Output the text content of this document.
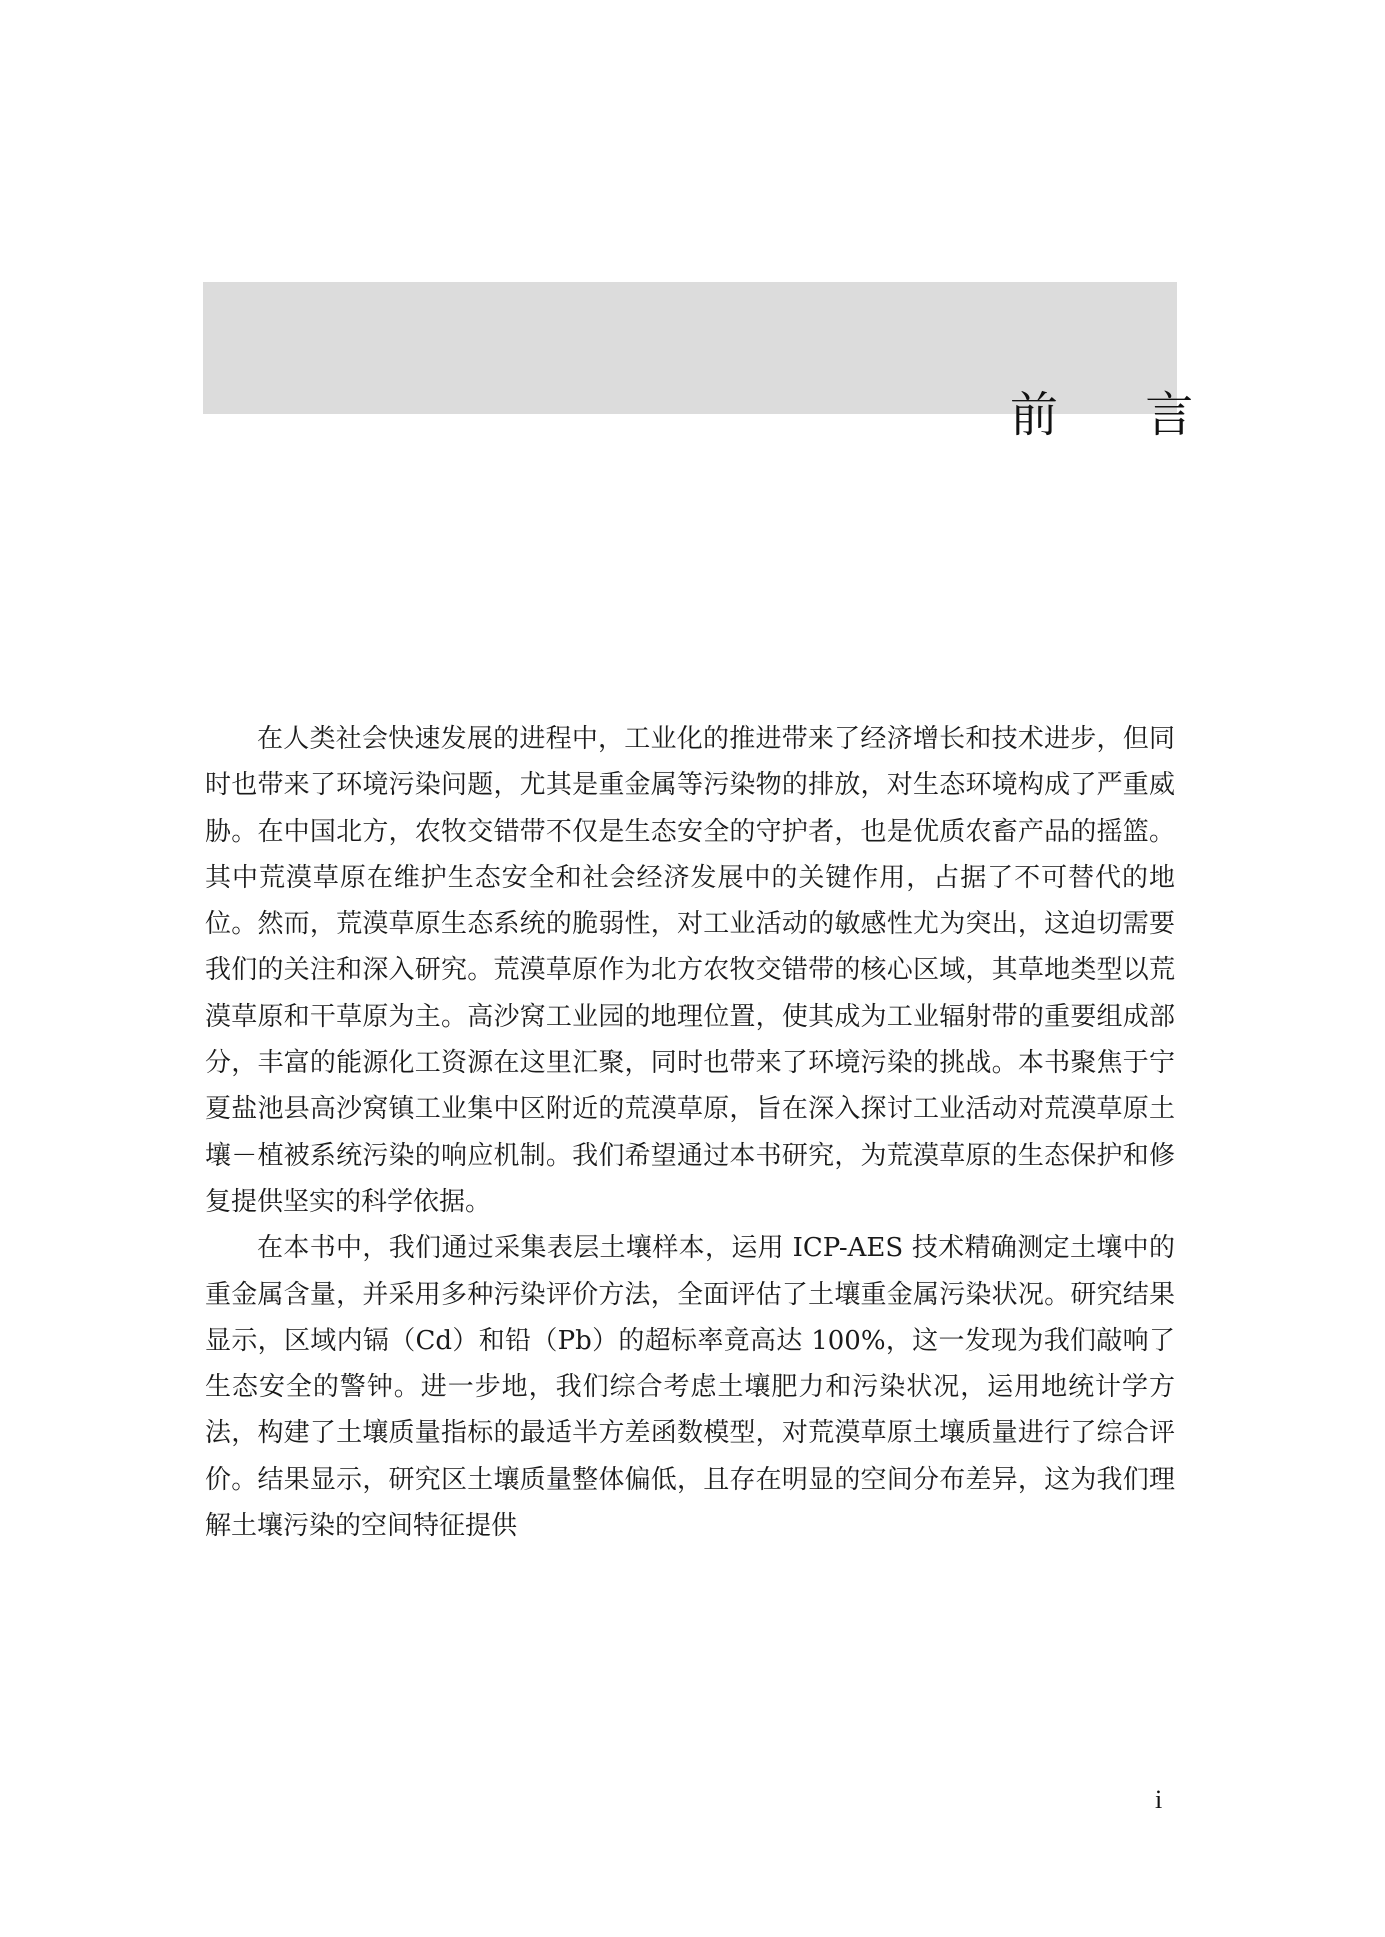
前 言

在人类社会快速发展的进程中，工业化的推进带来了经济增长和技术进步，但同时也带来了环境污染问题，尤其是重金属等污染物的排放，对生态环境构成了严重威胁。在中国北方，农牧交错带不仅是生态安全的守护者，也是优质农畜产品的摇篮。其中荒漠草原在维护生态安全和社会经济发展中的关键作用，占据了不可替代的地位。然而，荒漠草原生态系统的脆弱性，对工业活动的敏感性尤为突出，这迫切需要我们的关注和深入研究。荒漠草原作为北方农牧交错带的核心区域，其草地类型以荒漠草原和干草原为主。高沙窝工业园的地理位置，使其成为工业辐射带的重要组成部分，丰富的能源化工资源在这里汇聚，同时也带来了环境污染的挑战。本书聚焦于宁夏盐池县高沙窝镇工业集中区附近的荒漠草原，旨在深入探讨工业活动对荒漠草原土壤－植被系统污染的响应机制。我们希望通过本书研究，为荒漠草原的生态保护和修复提供坚实的科学依据。

在本书中，我们通过采集表层土壤样本，运用 ICP-AES 技术精确测定土壤中的重金属含量，并采用多种污染评价方法，全面评估了土壤重金属污染状况。研究结果显示，区域内镉（Cd）和铅（Pb）的超标率竟高达 100%，这一发现为我们敲响了生态安全的警钟。进一步地，我们综合考虑土壤肥力和污染状况，运用地统计学方法，构建了土壤质量指标的最适半方差函数模型，对荒漠草原土壤质量进行了综合评价。结果显示，研究区土壤质量整体偏低，且存在明显的空间分布差异，这为我们理解土壤污染的空间特征提供

i
